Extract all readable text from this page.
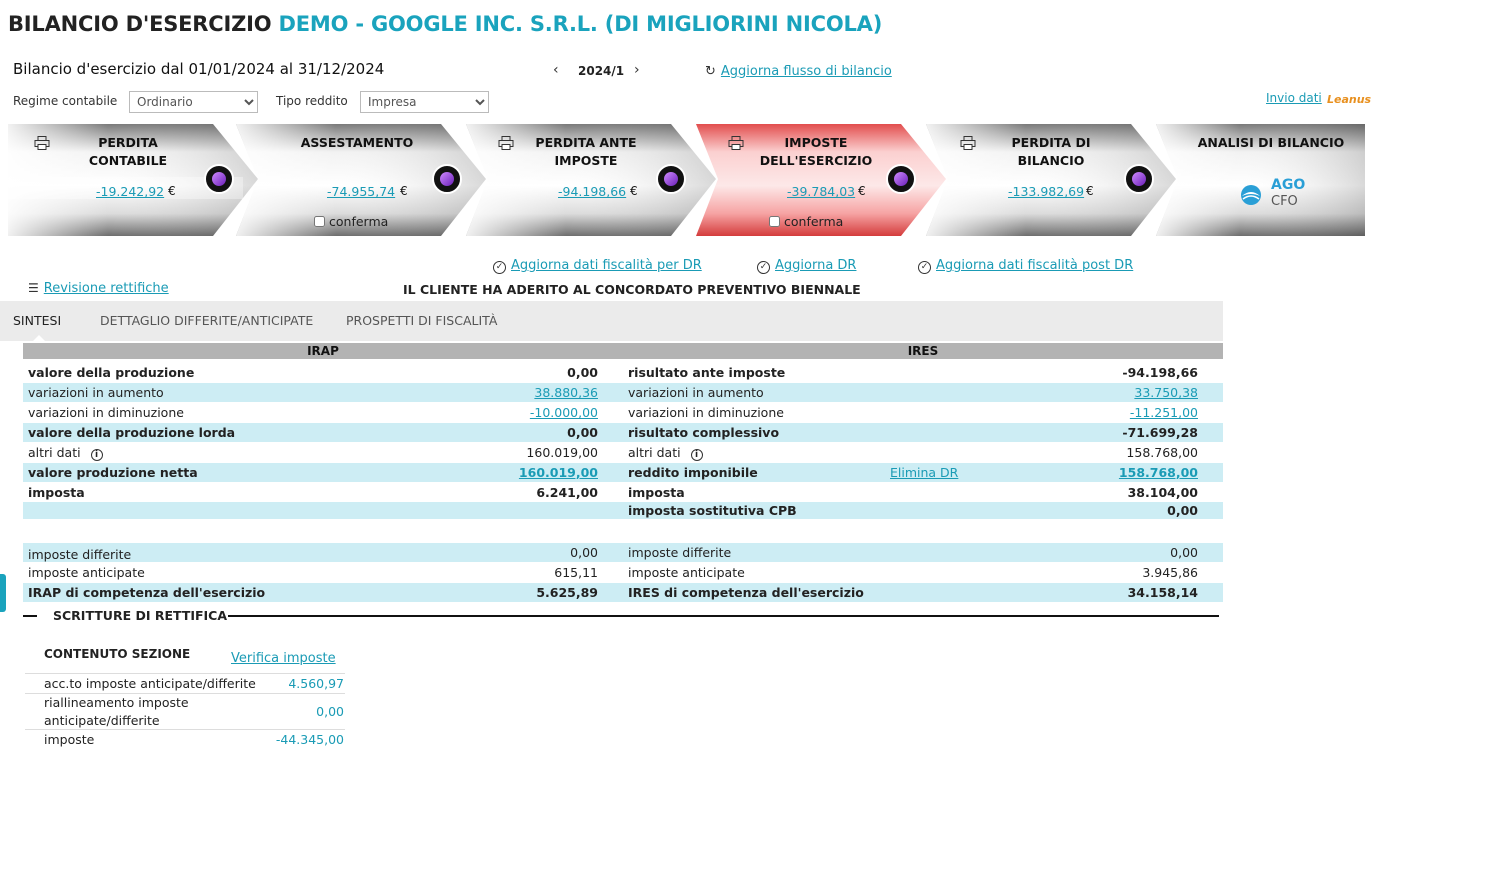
BILANCIO D'ESERCIZIO DEMO - GOOGLE INC. S.R.L. (DI MIGLIORINI NICOLA)
Bilancio d'esercizio dal 01/01/2024 al 31/12/2024	‹ 2024/1 ›	↻ Aggiorna flusso di bilancio
Regime contabile
Ordinario	Tipo reddito
Impresa	Invio dati Leanus
PERDITA CONTABILE
-19.242,92 €
ASSESTAMENTO
-74.955,74 €
conferma
PERDITA ANTE IMPOSTE
-94.198,66 €
IMPOSTE DELL'ESERCIZIO
-39.784,03 €
conferma
PERDITA DI BILANCIO
-133.982,69 €
ANALISI DI BILANCIO
AGO
CFO
✓ Aggiorna dati fiscalità per DR	✓ Aggiorna DR	✓ Aggiorna dati fiscalità post DR
☰ Revisione rettifiche	IL CLIENTE HA ADERITO AL CONCORDATO PREVENTIVO BIENNALE
SINTESI	DETTAGLIO DIFFERITE/ANTICIPATE	PROSPETTI DI FISCALITÀ
IRAP	IRES
valore della produzione	0,00
variazioni in aumento	38.880,36
variazioni in diminuzione	-10.000,00
valore della produzione lorda	0,00
altri dati i	160.019,00
valore produzione netta	160.019,00
imposta	6.241,00
imposte differite	0,00
imposte anticipate	615,11
IRAP di competenza dell'esercizio	5.625,89
risultato ante imposte	-94.198,66
variazioni in aumento	33.750,38
variazioni in diminuzione	-11.251,00
risultato complessivo	-71.699,28
altri dati i	158.768,00
reddito imponibile	Elimina DR	158.768,00
imposta	38.104,00
imposta sostitutiva CPB	0,00
imposte differite	0,00
imposte anticipate	3.945,86
IRES di competenza dell'esercizio	34.158,14
SCRITTURE DI RETTIFICA
CONTENUTO SEZIONE	Verifica imposte
acc.to imposte anticipate/differite	4.560,97
riallineamento imposte
anticipate/differite
0,00
imposte	-44.345,00
